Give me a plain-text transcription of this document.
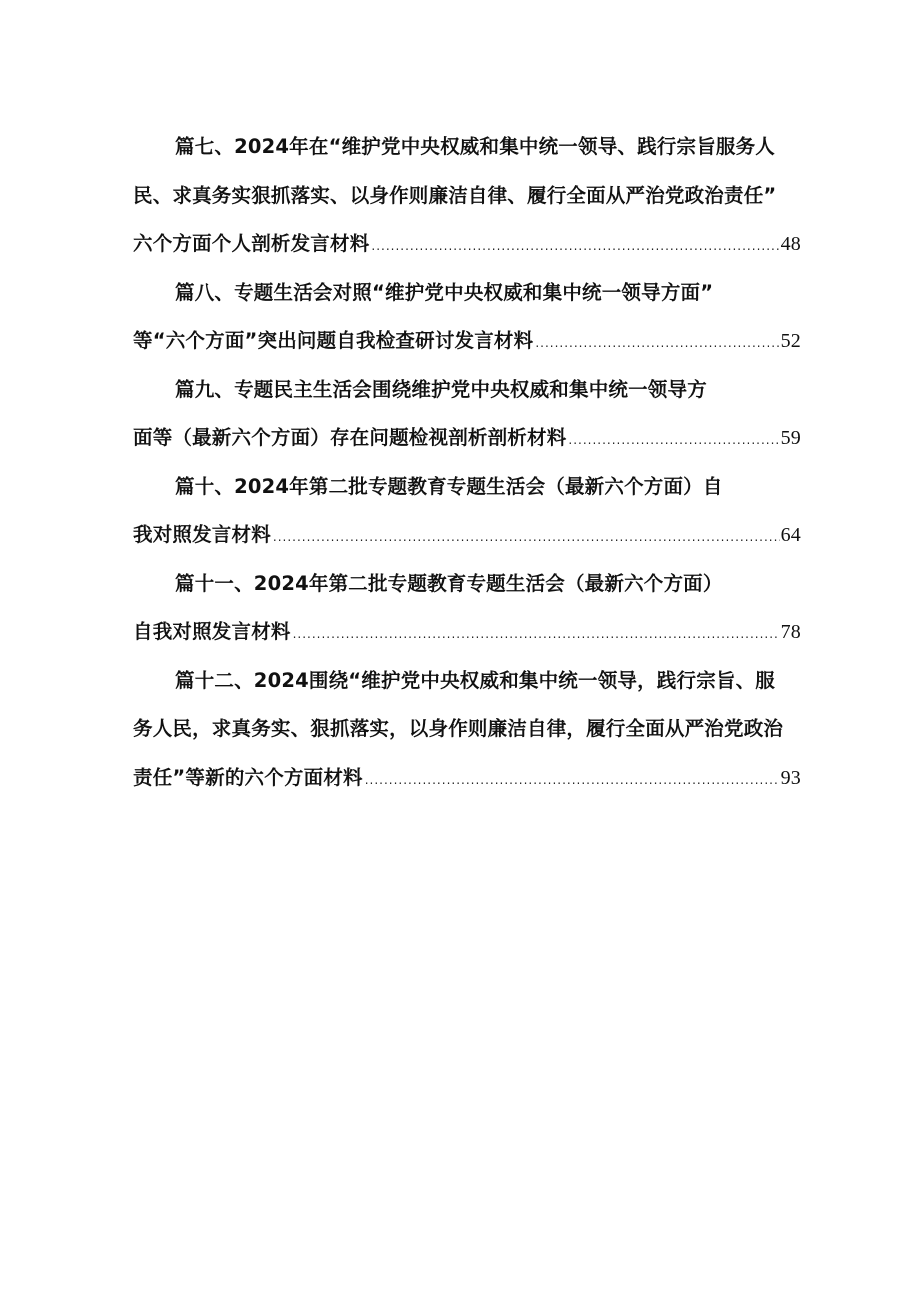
篇七、2024年在“维护党中央权威和集中统一领导、践行宗旨服务人
民、求真务实狠抓落实、以身作则廉洁自律、履行全面从严治党政治责任”
六个方面个人剖析发言材料 .....	48
篇八、专题生活会对照“维护党中央权威和集中统一领导方面”
等“六个方面”突出问题自我检查研讨发言材料 .....	52
篇九、专题民主生活会围绕维护党中央权威和集中统一领导方
面等（最新六个方面）存在问题检视剖析剖析材料 .....	59
篇十、2024年第二批专题教育专题生活会（最新六个方面）自
我对照发言材料 .....	64
篇十一、2024年第二批专题教育专题生活会（最新六个方面）
自我对照发言材料 .....	78
篇十二、2024围绕“维护党中央权威和集中统一领导，践行宗旨、服
务人民，求真务实、狠抓落实，以身作则廉洁自律，履行全面从严治党政治
责任”等新的六个方面材料 .....	93
